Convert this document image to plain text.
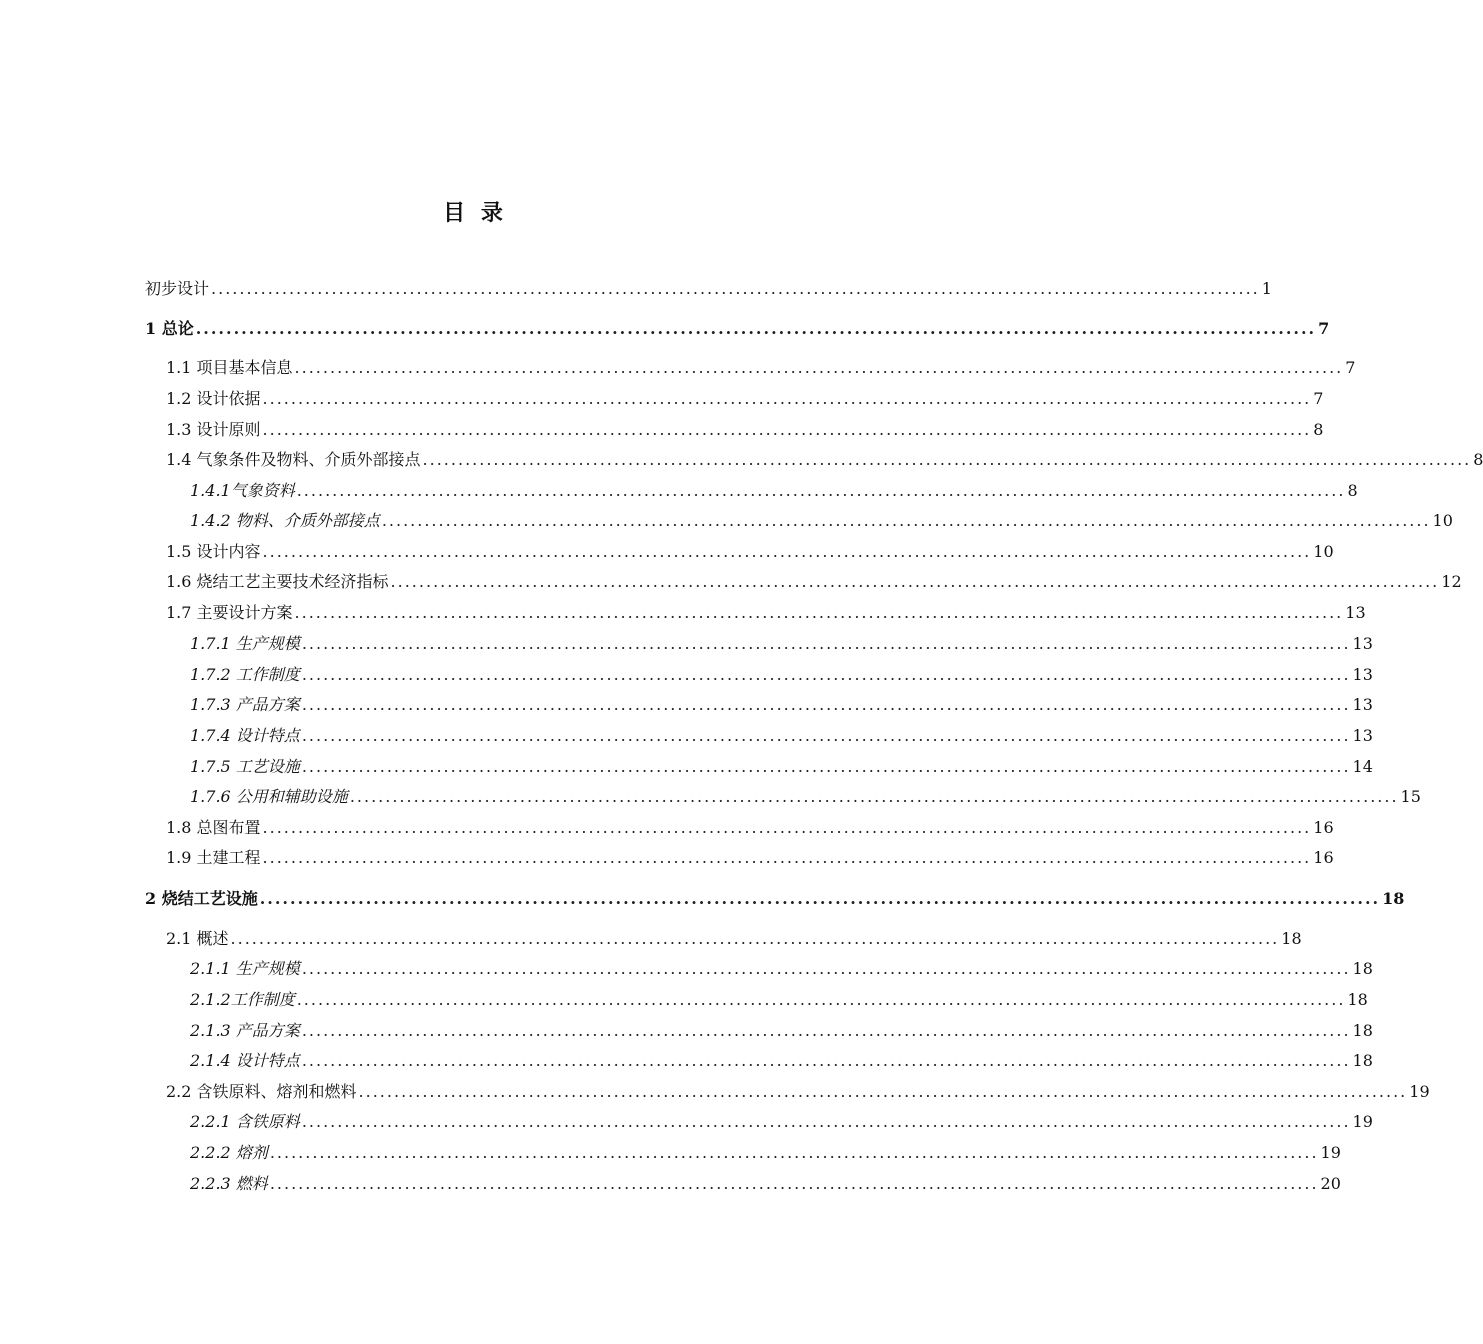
目 录
初步设计 .................................................................................................................................................... 1
1 总论 .................................................................................................................................................... 7
1.1 项目基本信息 .................................................................................................................................................... 7
1.2 设计依据 .................................................................................................................................................... 7
1.3 设计原则 .................................................................................................................................................... 8
1.4 气象条件及物料、介质外部接点 .................................................................................................................................................... 8
1.4.1气象资料 .................................................................................................................................................... 8
1.4.2 物料、介质外部接点 .................................................................................................................................................... 10
1.5 设计内容 .................................................................................................................................................... 10
1.6 烧结工艺主要技术经济指标 .................................................................................................................................................... 12
1.7 主要设计方案 .................................................................................................................................................... 13
1.7.1 生产规模 .................................................................................................................................................... 13
1.7.2 工作制度 .................................................................................................................................................... 13
1.7.3 产品方案 .................................................................................................................................................... 13
1.7.4 设计特点 .................................................................................................................................................... 13
1.7.5 工艺设施 .................................................................................................................................................... 14
1.7.6 公用和辅助设施 .................................................................................................................................................... 15
1.8 总图布置 .................................................................................................................................................... 16
1.9 土建工程 .................................................................................................................................................... 16
2 烧结工艺设施 .................................................................................................................................................... 18
2.1 概述 .................................................................................................................................................... 18
2.1.1 生产规模 .................................................................................................................................................... 18
2.1.2工作制度 .................................................................................................................................................... 18
2.1.3 产品方案 .................................................................................................................................................... 18
2.1.4 设计特点 .................................................................................................................................................... 18
2.2 含铁原料、熔剂和燃料 .................................................................................................................................................... 19
2.2.1 含铁原料 .................................................................................................................................................... 19
2.2.2 熔剂 .................................................................................................................................................... 19
2.2.3 燃料 .................................................................................................................................................... 20
